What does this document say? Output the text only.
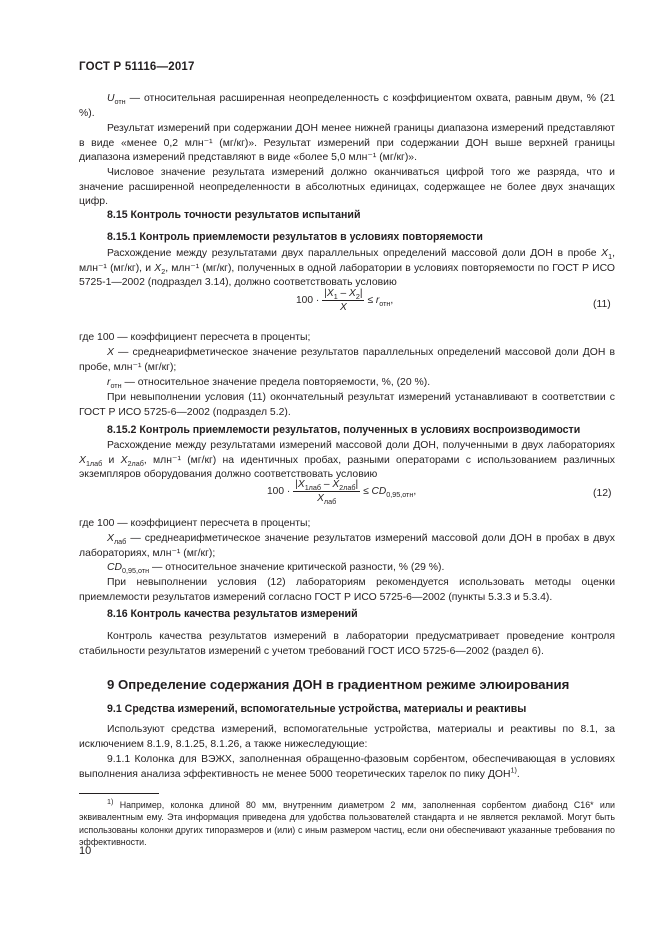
ГОСТ Р 51116—2017

$U_{отн}$ — относительная расширенная неопределенность с коэффициентом охвата, равным двум, % (21 %).

Результат измерений при содержании ДОН менее нижней границы диапазона измерений представляют в виде «менее 0,2 млн⁻¹ (мг/кг)». Результат измерений при содержании ДОН выше верхней границы диапазона измерений представляют в виде «более 5,0 млн⁻¹ (мг/кг)».

Числовое значение результата измерений должно оканчиваться цифрой того же разряда, что и значение расширенной неопределенности в абсолютных единицах, содержащее не более двух значащих цифр.

8.15 Контроль точности результатов испытаний
8.15.1 Контроль приемлемости результатов в условиях повторяемости

Расхождение между результатами двух параллельных определений массовой доли ДОН в пробе $X_1$, млн⁻¹ (мг/кг), и $X_2$, млн⁻¹ (мг/кг), полученных в одной лаборатории в условиях повторяемости по ГОСТ Р ИСО 5725-1—2002 (подраздел 3.14), должно соответствовать условию

$100 \cdot \frac{|X_1 - X_2|}{X} \le r_{отн}$,	(11)

где 100 — коэффициент пересчета в проценты;

X — среднеарифметическое значение результатов параллельных определений массовой доли ДОН в пробе, млн⁻¹ (мг/кг);

$r_{отн}$ — относительное значение предела повторяемости, %, (20 %).

При невыполнении условия (11) окончательный результат измерений устанавливают в соответствии с ГОСТ Р ИСО 5725-6—2002 (подраздел 5.2).

8.15.2 Контроль приемлемости результатов, полученных в условиях воспроизводимости

Расхождение между результатами измерений массовой доли ДОН, полученными в двух лабораториях $X_{1лаб}$ и $X_{2лаб}$, млн⁻¹ (мг/кг) на идентичных пробах, разными операторами с использованием различных экземпляров оборудования должно соответствовать условию

$100 \cdot \frac{|X_{1лаб} - X_{2лаб}|}{X_{лаб}} \le CD_{0,95,отн}$,	(12)

где 100 — коэффициент пересчета в проценты;

$X_{лаб}$ — среднеарифметическое значение результатов измерений массовой доли ДОН в пробах в двух лабораториях, млн⁻¹ (мг/кг);

$CD_{0,95,отн}$ — относительное значение критической разности, % (29 %).

При невыполнении условия (12) лабораториям рекомендуется использовать методы оценки приемлемости результатов измерений согласно ГОСТ Р ИСО 5725-6—2002 (пункты 5.3.3 и 5.3.4).

8.16 Контроль качества результатов измерений

Контроль качества результатов измерений в лаборатории предусматривает проведение контроля стабильности результатов измерений с учетом требований ГОСТ ИСО 5725-6—2002 (раздел 6).

9 Определение содержания ДОН в градиентном режиме элюирования
9.1 Средства измерений, вспомогательные устройства, материалы и реактивы

Используют средства измерений, вспомогательные устройства, материалы и реактивы по 8.1, за исключением 8.1.9, 8.1.25, 8.1.26, а также нижеследующие:

9.1.1 Колонка для ВЭЖХ, заполненная обращенно-фазовым сорбентом, обеспечивающая в условиях выполнения анализа эффективность не менее 5000 теоретических тарелок по пику ДОН$^{1)}$.

$^{1)}$ Например, колонка длиной 80 мм, внутренним диаметром 2 мм, заполненная сорбентом диабонд С16* или эквивалентным ему. Эта информация приведена для удобства пользователей стандарта и не является рекламой. Могут быть использованы колонки других типоразмеров и (или) с иным размером частиц, если они обеспечивают указанные требования по эффективности.

10
